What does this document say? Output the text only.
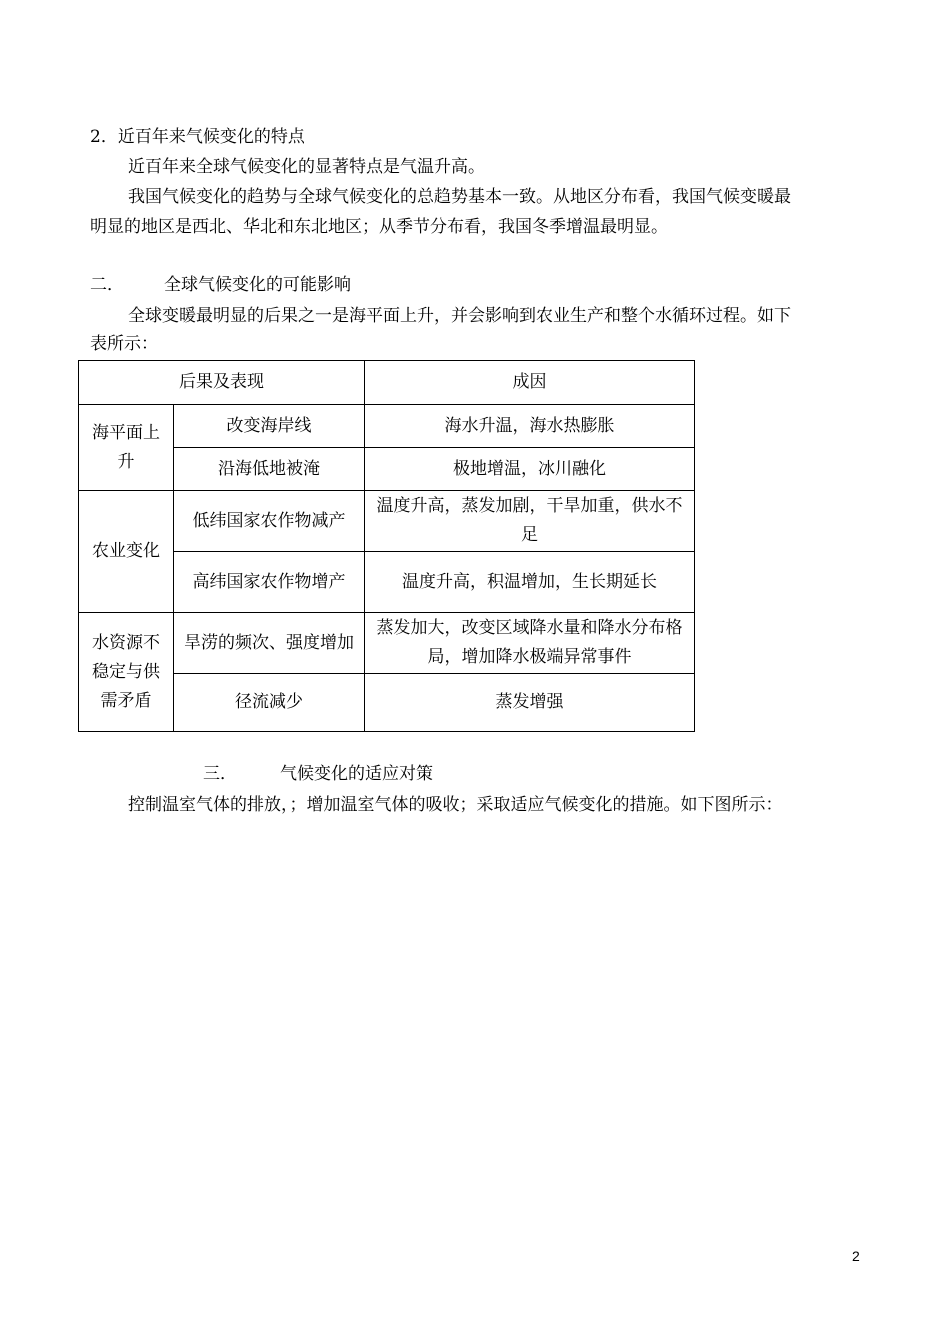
2．近百年来气候变化的特点
近百年来全球气候变化的显著特点是气温升高。
我国气候变化的趋势与全球气候变化的总趋势基本一致。从地区分布看，我国气候变暖最
明显的地区是西北、华北和东北地区；从季节分布看，我国冬季增温最明显。
二． 全球气候变化的可能影响
全球变暖最明显的后果之一是海平面上升，并会影响到农业生产和整个水循环过程。如下
表所示：
后果及表现		成因
海平面上升	改变海岸线	海水升温，海水热膨胀
	沿海低地被淹	极地增温，冰川融化
农业变化	低纬国家农作物减产	温度升高，蒸发加剧，干旱加重，供水不足
	高纬国家农作物增产	温度升高，积温增加，生长期延长
水资源不稳定与供需矛盾	旱涝的频次、强度增加	蒸发加大，改变区域降水量和降水分布格局，增加降水极端异常事件
	径流减少	蒸发增强
三．	气候变化的适应对策
控制温室气体的排放，；增加温室气体的吸收；采取适应气候变化的措施。如下图所示：
2
